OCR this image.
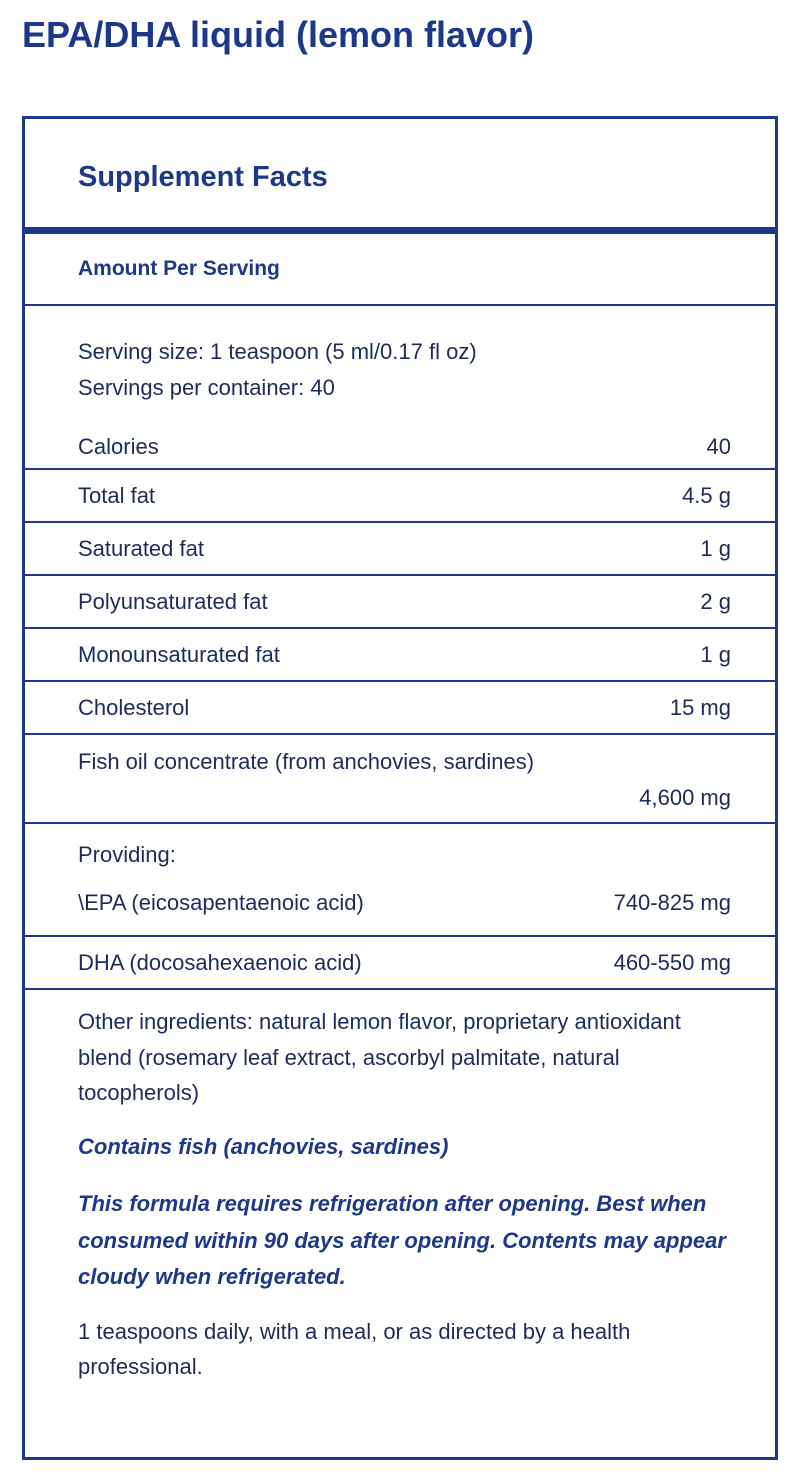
EPA/DHA liquid (lemon flavor)
Supplement Facts
Amount Per Serving
Serving size: 1 teaspoon (5 ml/0.17 fl oz)
Servings per container: 40
Calories	40
Total fat	4.5 g
Saturated fat	1 g
Polyunsaturated fat	2 g
Monounsaturated fat	1 g
Cholesterol	15 mg
Fish oil concentrate (from anchovies, sardines)
4,600 mg
Providing:
\EPA (eicosapentaenoic acid)	740-825 mg
DHA (docosahexaenoic acid)	460-550 mg

Other ingredients: natural lemon flavor, proprietary antioxidant blend (rosemary leaf extract, ascorbyl palmitate, natural tocopherols)

Contains fish (anchovies, sardines)

This formula requires refrigeration after opening. Best when consumed within 90 days after opening. Contents may appear cloudy when refrigerated.

1 teaspoons daily, with a meal, or as directed by a health professional.
